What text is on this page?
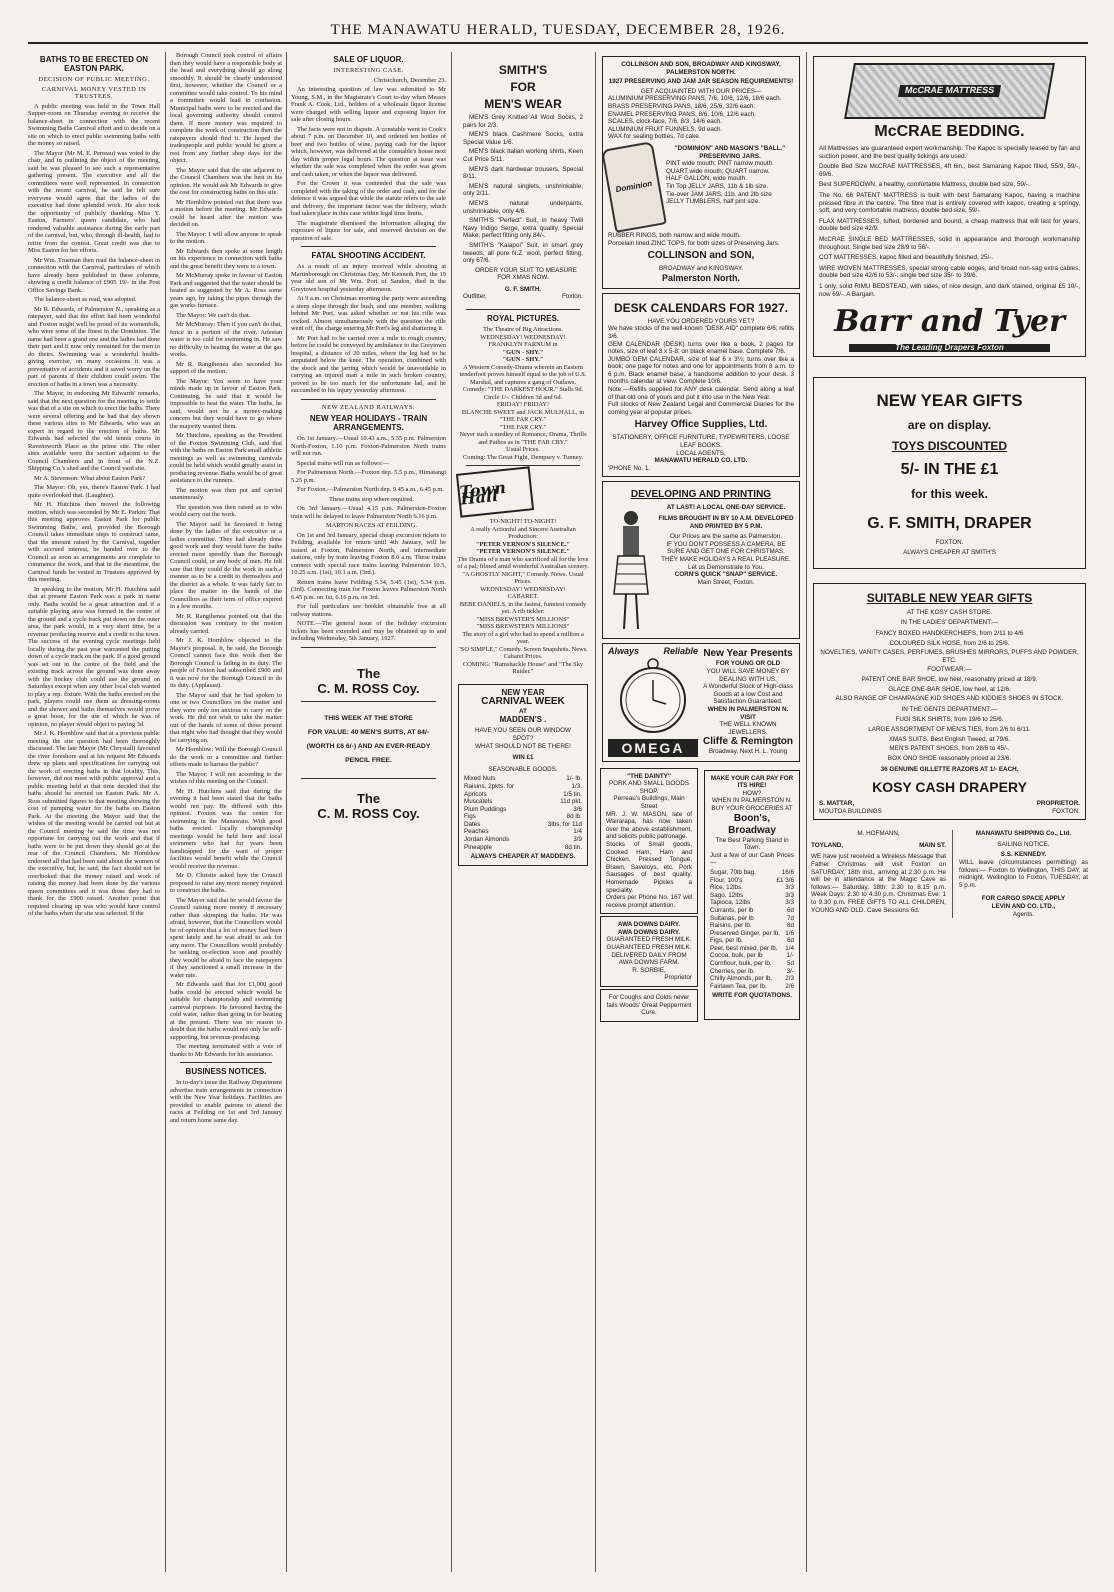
THE MANAWATU HERALD, TUESDAY, DECEMBER 28, 1926.
BATHS TO BE ERECTED ON EASTON PARK.
DECISION OF PUBLIC MEETING.
CARNIVAL MONEY VESTED IN TRUSTEES.

A public meeting was held in the Town Hall Supper-room on Thursday evening to receive the balance-sheet in connection with the recent Swimming Baths Carnival effort and to decide on a site on which to erect public swimming baths with the money so raised.

The Mayor (Mr M. E. Perreau) was voted to the chair, and in outlining the object of the meeting, said he was pleased to see such a representative gathering present. The executive and all the committees were well represented. In connection with the recent carnival, he said he felt sure everyone would agree that the ladies of the executive had done splendid work. He also took the opportunity of publicly thanking Miss Y. Easton, Farmers' queen candidate, who had rendered valuable assistance during the early part of the carnival, but, who, through ill-health, had to retire from the contest. Great credit was due to Miss Easton for her efforts.

Mr Wm. Trueman then read the balance-sheet in connection with the Carnival, particulars of which have already been published in these columns, showing a credit balance of £905 19/- in the Post Office Savings Bank.

The balance-sheet as read, was adopted.

Mr R. Edwards, of Palmerston N., speaking as a ratepayer, said that the effort had been wonderful and Foxton might well be proud of its womenfolk, who were some of the finest in the Dominion. The name had been a grand one and the ladies had done their part and it now only remained for the men to do theirs. Swimming was a wonderful health-giving exercise, on many occasions it was a preventative of accidents and it saved worry on the part of parents if their children could swim. The erection of baths in a town was a necessity.

The Mayor, in endorsing Mr Edwards' remarks, said that the next question for the meeting to settle was that of a site on which to erect the baths. There were several offering and he had that day shown these various sites to Mr Edwards, who was an expert in regard to the erection of baths. Mr Edwards had selected the old tennis courts in Ravensworth Place as the prime site. The other sites available were the section adjacent to the Council Chambers and in front of the N.Z. Shipping Co.'s shed and the Council yard site.

Mr A. Stevenson: What about Easton Park?

The Mayor: Oh, yes, there's Easton Park. I had quite overlooked that. (Laughter).

Mr H. Hutchins then moved the following motion, which was seconded by Mr E. Parkin: That this meeting approves Easton Park for public Swimming Baths, and, provided the Borough Council takes immediate steps to construct same, that the amount raised by the Carnival, together with accrued interest, be handed over to the Council as soon as arrangements are complete to commence the work, and that in the meantime, the Carnival funds be vested in Trustees approved by this meeting.

In speaking to the motion, Mr H. Hutchins said that at present Easton Park was a park in name only. Baths would be a great attraction and if a suitable playing area was formed in the centre of the ground and a cycle track put down on the outer area, the park would, in a very short time, be a revenue producing reserve and a credit to the town. The success of the evening cycle meetings held locally during the past year warranted the putting down of a cycle track on the park. If a good ground was set out in the centre of the field and the existing track across the ground was done away with the hockey club could use the ground on Saturdays except when any other local club wanted to play a rep. fixture. With the baths erected on the park, players could use them as dressing-rooms and the shower and baths themselves would prove a great boon, for the use of which he was of opinion, no player would object to paying 3d.

Mr J. K. Hornblow said that at a previous public meeting the site question had been thoroughly discussed. The late Mayor (Mr Chrystall) favoured the river foreshore and at his request Mr Edwards drew up plans and specifications for carrying out the work of erecting baths in that locality. This, however, did not meet with public approval and a public meeting held at that time decided that the baths should be erected on Easton Park. Mr A. Ross submitted figures to that meeting showing the cost of pumping water for the baths on Easton Park. At the meeting the Mayor said that the wishes of the meeting would be carried out but at the Council meeting he said the time was not opportune for carrying out the work and that if baths were to be put down they should go at the rear of the Council Chambers. Mr Hornblow endorsed all that had been said about the women of the executive, but, he said, the fact should not be overlooked that the money raised and work of raising the money had been done by the various queen committees and it was those they had to thank for the £900 raised. Another point that required clearing up was who would have control of the baths when the site was selected. If the

Borough Council took control of affairs then they would have a responsible body at the head and everything should go along smoothly. It should be clearly understood first, however, whether the Council or a committee would take control. To his mind a committee would lead to confusion. Municipal baths were to be erected and the local governing authority should control them. If more money was required to complete the work of construction then the ratepayers should find it. He hoped the tradespeople and public would be given a rest from any further shop days for the object.

The Mayor said that the site adjacent to the Council Chambers was the best in his opinion. He would ask Mr Edwards to give the cost for constructing baths on this site.

Mr Hornblow pointed out that there was a motion before the meeting. Mr Edwards could be heard after the motion was decided on.

The Mayor: I will allow anyone to speak to the motion.

Mr Edwards then spoke at some length on his experience in connection with baths and the great benefit they were to a town.

Mr McMurray spoke in favour of Easton Park and suggested that the water should be heated as suggested by Mr A. Ross some years ago, by taking the pipes through the gas works furnace.

The Mayor: We can't do that.

Mr McMurray: Then if you can't do that, fence in a portion of the river. Artesian water is too cold for swimming in. He saw no difficulty in heating the water at the gas works.

Mr R. Rangihenea also seconded his support of the motion.

The Mayor: You seem to have your minds made up in favour of Easton Park. Continuing, he said that it would be impossible to heat the water. The baths, he said, would not be a money-making concern but they would have to go where the majority wanted them.

Mr Hutchins, speaking as the President of the Foxton Swimming Club, said that with the baths on Easton Park small athletic meetings as well as swimming carnivals could be held which would greatly assist in producing revenue. Baths would be of great assistance to the runners.

The motion was then put and carried unanimously.

The question was then raised as to who would carry out the work.

The Mayor said he favoured it being done by the ladies of the executive or a ladies committee. They had already done good work and they would have the baths erected more speedily than the Borough Council could, or any body of men. He felt sure that they could do the work in such a manner as to be a credit to themselves and the district as a whole. It was fairly fair to place the matter in the hands of the Councillors as their term of office expired in a few months.

Mr R. Rangihenea pointed out that the discussion was contrary to the motion already carried.

Mr J. K. Hornblow objected to the Mayor's proposal. It, he said, the Borough Council cannot face this work then the Borough Council is failing in its duty. The people of Foxton had subscribed £900 and it was now for the Borough Council to do its duty. (Applause).

The Mayor said that he had spoken to one or two Councillors on the matter and they were only too anxious to carry on the work. He did not wish to take the matter out of the hands of some of those present that night who had thought that they would be carrying on.

Mr Hornblow: Will the Borough Council do the work or a committee and further efforts made to harrass the public?

The Mayor: I will not according to the wishes of this meeting on the Council.

Mr H. Hutchins said that during the evening it had been stated that the baths would not pay. He differed with this opinion. Foxton was the centre for swimming in the Manawatu. With good baths erected locally championship meetings would be held here and local swimmers who had for years been handicapped for the want of proper facilities would benefit while the Council would receive the revenue.

Mr D. Christie asked how the Council proposed to raise any more money required to construct the baths.

The Mayor said that he would favour the Council raising more money if necessary rather than skimping the baths. He was afraid, however, that the Councillors would be of opinion that a lot of money had been spent lately and he was afraid to ask for any more. The Councillors would probably be seeking re-election soon and possibly they would be afraid to face the ratepayers if they sanctioned a small increase in the water rate.

Mr Edwards said that for £1,000 good baths could be erected which would be suitable for championship and swimming carnival purposes. He favoured having the cold water, rather than going in for heating at the present. There was no reason to doubt that the baths would not only be self-supporting, but revenue-producing.

The meeting terminated with a vote of thanks to Mr Edwards for his assistance.

BUSINESS NOTICES.

In to-day's issue the Railway Department advertise train arrangements in connection with the New Year holidays. Facilities are provided to enable patrons to attend the races at Feilding on 1st and 3rd January and return home same day.

SALE OF LIQUOR.
INTERESTING CASE.

Christchurch, December 23.

An interesting question of law was submitted to Mr Young, S.M., in the Magistrate's Court to-day when Messrs Frank A. Cook, Ltd., holders of a wholesale liquor license were charged with selling liquor and exposing liquor for sale after closing hours.

The facts were not in dispute. A constable went to Cook's about 7 p.m. on December 10, and ordered ten bottles of beer and two bottles of wine, paying cash for the liquor which, however, was delivered at the constable's house next day within proper legal hours. The question at issue was whether the sale was completed when the order was given and cash taken, or when the liquor was delivered.

For the Crown it was contended that the sale was completed with the taking of the order and cash, and for the defence it was argued that while the statute refers to the sale and delivery, the important factor was the delivery, which had taken place in this case within legal time limits.

The magistrate dismissed the information alleging the exposure of liquor for sale, and reserved decision on the question of sale.

FATAL SHOOTING ACCIDENT.

As a result of an injury received while shooting at Martinborough on Christmas Day, Mr Kenneth Port, the 19 year old son of Mr Wm. Port of Sandon, died in the Greytown hospital yesterday afternoon.

At 9 a.m. on Christmas morning the party were ascending a steep slope through the bush, and one member, walking behind Mr Port, was asked whether or not his rifle was cocked. Almost simultaneously with the question the rifle went off, the charge entering Mr Port's leg and shattering it.

Mr Port had to be carried over a mile to rough country, before he could be conveyed by ambulance to the Greytown hospital, a distance of 20 miles, where the leg had to be amputated below the knee. The operation, combined with the shock and the jarring which would be unavoidable in carrying an injured man a mile in such broken country, proved to be too much for the unfortunate lad, and he succumbed to his injury yesterday afternoon.

NEW ZEALAND RAILWAYS.
NEW YEAR HOLIDAYS - TRAIN ARRANGEMENTS.

On 1st January.—Usual 10.43 a.m., 5.35 p.m. Palmerston North-Foxton, 1.10 p.m. Foxton-Palmerston North trains will not run.

Special trains will run as follows:—

For Palmerston North.—Foxton dep. 5.5 p.m., Himatangi 5.25 p.m.

For Foxton.—Palmerston North dep. 9.45 a.m., 6.45 p.m.

These trains stop where required.

On 3rd January.—Usual 4.15 p.m. Palmerston-Foxton train will be delayed to leave Palmerston North 6.16 p.m.

MARTON RACES AT FEILDING.

On 1st and 3rd January, special cheap excursion tickets to Feilding, available for return until 4th January, will be issued at Foxton, Palmerston North, and intermediate stations, only by train leaving Foxton 8.0 a.m. These trains connect with special race trains leaving Palmerston 10.5, 10.25 a.m. (1st), 10.1 a.m. (3rd.).

Return trains leave Feilding 5.34, 5.45 (1st), 5.34 p.m. (3rd). Connecting train for Foxton leaves Palmerston North 6.45 p.m. on 1st, 6.16 p.m. on 3rd.

For full particulars see booklet obtainable free at all railway stations.

NOTE.—The general issue of the holiday excursion tickets has been extended and may be obtained up to and including Wednesday, 5th January, 1927.

The
C. M. ROSS Coy.
THIS WEEK AT THE STORE
FOR VALUE: 40 MEN'S SUITS, AT 84/- (WORTH £6 6/-) AND AN EVER-READY PENCIL FREE.
The
C. M. ROSS Coy.
SMITH'S
FOR
MEN'S WEAR

MEN'S Grey Knitted All Wool Socks, 2 pairs for 2/3.

MEN'S black Cashmere Socks, extra Special Value 1/6.

MEN'S black Italian working shirts, Keen Cut Price 5/11.

MEN'S dark hardwear trousers, Special 8/11.

MEN'S natural singlets, unshrinkable, only 2/11.

MEN'S natural underpants, unshrinkable, only 4/6.

SMITH'S "Perfect" Suit, in heavy Twill Navy Indigo Serge, extra quality, Special Make, perfect fitting only 84/-.

SMITH'S "Kaiapoi" Suit, in smart grey tweeds, all pure N.Z. wool, perfect fitting, only 67/6.

ORDER YOUR SUIT TO MEASURE FOR XMAS NOW.

G. F. SMITH.
Outfitter,	Foxton.
ROYAL PICTURES.
The Theatre of Big Attractions.
WEDNESDAY! WEDNESDAY!
FRANKLYN FARNUM in
"GUN - SHY."
"GUN - SHY."
A Western Comedy-Drama wherein an Eastern tenderfoot proves himself equal to the job of U.S. Marshal, and captures a gang of Outlaws.
Comedy: "THE DARKEST HOUR." Stalls 9d. Circle 1/-. Children 3d and 6d.
FRIDAY! FRIDAY!
BLANCHE SWEET and JACK MULHALL, in
"THE FAR CRY."
"THE FAR CRY."
Never such a medley of Romance, Drama, Thrills and Pathos as in "THE FAR CRY."
Usual Prices.
Coming: The Great Fight, Dempsey v. Tunney.
Town Hall
TO-NIGHT! TO-NIGHT!
A really Actionful and Sincere Australian Production:
"PETER VERNON'S SILENCE."
"PETER VERNON'S SILENCE."
The Drama of a man who sacrificed all for the love of a pal; filmed amid wonderful Australian scenery.
"A GHOSTLY NIGHT," Comedy. News. Usual Prices.
WEDNESDAY! WEDNESDAY!
CABARET.
BEBE DANIELS, in the fastest, funniest comedy yet. A rib tickler:
"MISS BREWSTER'S MILLIONS"
"MISS BREWSTER'S MILLIONS"
The story of a girl who had to spend a million a year.
"SO SIMPLE," Comedy. Screen Snapshots. News. Cabaret Prices.
COMING: "Ramshackle House" and "The Sky Raider."
NEW YEAR
CARNIVAL WEEK
AT
MADDEN'S .
HAVE YOU SEEN OUR WINDOW SPOT?
WHAT SHOULD NOT BE THERE!
WIN £1
SEASONABLE GOODS.
Mixed Nuts	1/- lb.
Raisins, 2pkts. for	1/3.
Apricots	1/5 tin.
Muscatels	11d pkt.
Plum Puddings	3/6
Figs	8d lb.
Dates	3lbs. for 11d
Peaches	1/4
Jordan Almonds	3/9
Pineapple	8d tin.
ALWAYS CHEAPER AT MADDEN'S.
COLLINSON AND SON, BROADWAY AND KINGSWAY, PALMERSTON NORTH.
1927 PRESERVING AND JAM JAR SEASON REQUIREMENTS!
GET ACQUAINTED WITH OUR PRICES—
ALUMINIUM PRESERVING PANS, 7/6, 10/6, 12/6, 18/6 each.
BRASS PRESERVING PANS, 18/6, 25/6, 32/6 each.
ENAMEL PRESERVING PANS, 8/6, 10/6, 12/6 each.
SCALES, clock-face, 7/6, 8/3, 14/6 each.
ALUMINIUM FRUIT FUNNELS, 9d each.
WAX for sealing bottles, 7d cake.
Dominion
"DOMINION" AND MASON'S "BALL." PRESERVING JARS.
PINT wide mouth; PINT narrow mouth.
QUART wide mouth; QUART narrow.
HALF GALLON, wide mouth.
Tin Top JELLY JARS, 11b & 1lb size.
Tie-over JAM JARS, 11b. and 2lb size
JELLY TUMBLERS, half pint size.
RUBBER RINGS, both narrow and wide mouth.
Porcelain lined ZINC TOPS, for both sizes of Preserving Jars.
COLLINSON and SON,
BROADWAY and KINGSWAY.
Palmerston North.
DESK CALENDARS FOR 1927.
HAVE YOU ORDERED YOURS YET?
We have stocks of the well-known "DESK AID" complete 6/6; refills 3/6.
GEM CALENDAR (DESK) turns over like a book, 2 pages for notes, size of leaf 3 x 5-8; on black enamel base. Complete 7/6.
JUMBO GEM CALENDAR, size of leaf 6 x 3½; turns over like a book; one page for notes and one for appointments from 8 a.m. to 6 p.m. Black enamel base, a handsome addition to your desk. 3 months calendar at view. Complete 10/6.
Note.—Refills supplied for ANY desk calendar. Send along a leaf of that old one of yours and put it into use in the New Year.
Full stocks of New Zealand Legal and Commercial Diaries for the coming year at popular prices.
Harvey Office Supplies, Ltd.
STATIONERY, OFFICE FURNITURE, TYPEWRITERS, LOOSE LEAF BOOKS.
LOCAL AGENTS,
MANAWATU HERALD CO. LTD.
'PHONE No. 1.
DEVELOPING AND PRINTING
AT LAST! A LOCAL ONE-DAY SERVICE.
FILMS BROUGHT IN BY 10 A.M. DEVELOPED AND PRINTED BY 5 P.M.
Our Prices are the same as Palmerston.
IF YOU DON'T POSSESS A CAMERA, BE SURE AND GET ONE FOR CHRISTMAS. THEY MAKE HOLIDAYS A REAL PLEASURE.
Let us Demonstrate to You.
CORN'S QUICK "SNAP" SERVICE.
Main Street, Foxton.
Always	Reliable
OMEGA
New Year Presents
FOR YOUNG OR OLD
YOU WILL SAVE MONEY BY DEALING WITH US.
A Wonderful Stock of High-class Goods at a low Cost and Satisfaction Guaranteed.
WHEN IN PALMERSTON N. VISIT
THE WELL KNOWN JEWELLERS,
Cliffe & Remington
Broadway, Next H. L. Young
"THE DAINTY"
PORK AND SMALL GOODS SHOP.
Perreau's Buildings, Main Street
MR. J. W. MASON, late of Wairarapa, has now taken over the above establishment, and solicits public patronage.
Stocks of Small goods, Cooked Ham, Ham and Chicken, Pressed Tongue, Brawn, Saveloys, etc. Pork Sausages of best quality. Homemade Pickles a speciality.
Orders per Phone No. 167 will receive prompt attention.
AWA DOWNS DAIRY.
AWA DOWNS DAIRY.
GUARANTEED FRESH MILK.
GUARANTEED FRESH MILK.
DELIVERED DAILY FROM AWA DOWNS FARM.
R. SORBIE,
Proprietor
For Coughs and Colds never fails Woods' Great Peppermint Cure.
MAKE YOUR CAR PAY FOR ITS HIRE!
HOW?
WHEN IN PALMERSTON N. BUY YOUR GROCERIES AT
Boon's, Broadway
The Best Parking Stand in Town.
Just a few of our Cash Prices—
Sugar, 70lb bag,	16/6
Flour, 100's	£1 3/6
Rice, 12lbs.	3/3
Sago, 12lbs	3/3
Tapioca, 12lbs	3/3
Currants, per lb	6d
Sultanas, per lb	7d
Raisins, per lb.	8d
Preserved Ginger, per lb. 1/6
Figs, per lb.	6d
Peel, best mixed, per lb. 1/4
Cocoa, bulk, per lb	1/-
Cornflour, bulk, per lb. 5d
Cherries, per lb.	3/-
Chilly Almonds, per lb. 2/3
Fairlawn Tea, per lb.	2/6
WRITE FOR QUOTATIONS.
McCRAE MATTRESS
McCRAE BEDDING.
All Mattresses are guaranteed expert workmanship. The Kapoc is specially teased by fan and suction power, and the best quality tickings are used.
Double Bed Size McCRAE MATTRESSES, 4ft 6in., best Samarang Kapoc filled, 55/9, 59/-, 69/6.
Best SUPERDOWN, a healthy, comfortable Mattress, double bed size, 59/-.
The No. 66 PATENT MATTRESS is built with best Samarang Kapoc, having a machine pressed fibre in the centre. The fibre mat is entirely covered with kapoc, creating a springy, soft, and very comfortable mattress, double bed size, 59/-.
FLAX MATTRESSES, tufted, bordered and bound, a cheap mattress that will last for years, double bed size 42/9.
McCRAE SINGLE BED MATTRESSES, solid in appearance and thorough workmanship throughout. Single bed size 28/9 to 56/-.
COT MATTRESSES, kapoc filled and beautifully finished, 25/-.
WIRE WOVEN MATTRESSES, special strong cable edges, and broad non-sag extra cables, double bed size 42/6 to 53/-; single bed size 35/- to 39/6.
1 only, solid RIMU BEDSTEAD, with sides, of nice design, and dark stained, original £5 10/-, now 69/-. A Bargain.
Barr and Tyer
The Leading Drapers Foxton
NEW YEAR GIFTS
are on display.
TOYS DISCOUNTED
5/- IN THE £1
for this week.
G. F. SMITH, DRAPER
FOXTON.
ALWAYS CHEAPER AT SMITH'S
SUITABLE NEW YEAR GIFTS
AT THE KOSY CASH STORE.
IN THE LADIES' DEPARTMENT:—
FANCY BOXED HANDKERCHIEFS, from 2/11 to 4/6
COLOURED SILK HOSE, from 2/6 to 25/6.
NOVELTIES, VANITY CASES, PERFUMES, BRUSHES MIRRORS, PUFFS AND POWDER, ETC.
FOOTWEAR:—
PATENT ONE BAR SHOE, low heel, reasonably priced at 18/9.
GLACE ONE-BAR SHOE, low heel, at 12/6.
ALSO RANGE OF CHAMPAGNE KID SHOES AND KIDDIES SHOES IN STOCK.
IN THE GENTS DEPARTMENT:—
FUGI SILK SHIRTS, from 19/6 to 25/6.
LARGE ASSORTMENT OF MEN'S TIES, from 2/6 to 6/11.
XMAS SUITS. Best English Tweed, at 79/6.
MEN'S PATENT SHOES, from 28/6 to 45/-.
BOX ONO SHOE reasonably priced at 23/6.
36 GENUINE GILLETTE RAZORS AT 1/- EACH.
KOSY CASH DRAPERY
S. MATTAR,	PROPRIETOR.
MOUTOA BUILDINGS	FOXTON.
M. HOFMANN,
TOYLAND,	MAIN ST.
WE have just received a Wireless Message that Father Christmas will visit Foxton on SATURDAY, 18th inst., arriving at 2.30 p.m. He will be in attendance at the Magic Cave as follows:— Saturday, 18th: 2.30 to 8.15 p.m. Week Days: 2.30 to 4.30 p.m. Christmas Eve: 1 to 9.30 p.m. FREE GIFTS TO ALL CHILDREN, YOUNG AND OLD. Cave Sessions 6d.
MANAWATU SHIPPING Co., Ltd.
SAILING NOTICE.
S.S. KENNEDY.
WILL leave (circumstances permitting) as follows:— Foxton to Wellington, THIS DAY, at midnight. Wellington to Foxton, TUESDAY, at 5 p.m.
FOR CARGO SPACE APPLY
LEVIN AND CO. LTD.,
Agents.
